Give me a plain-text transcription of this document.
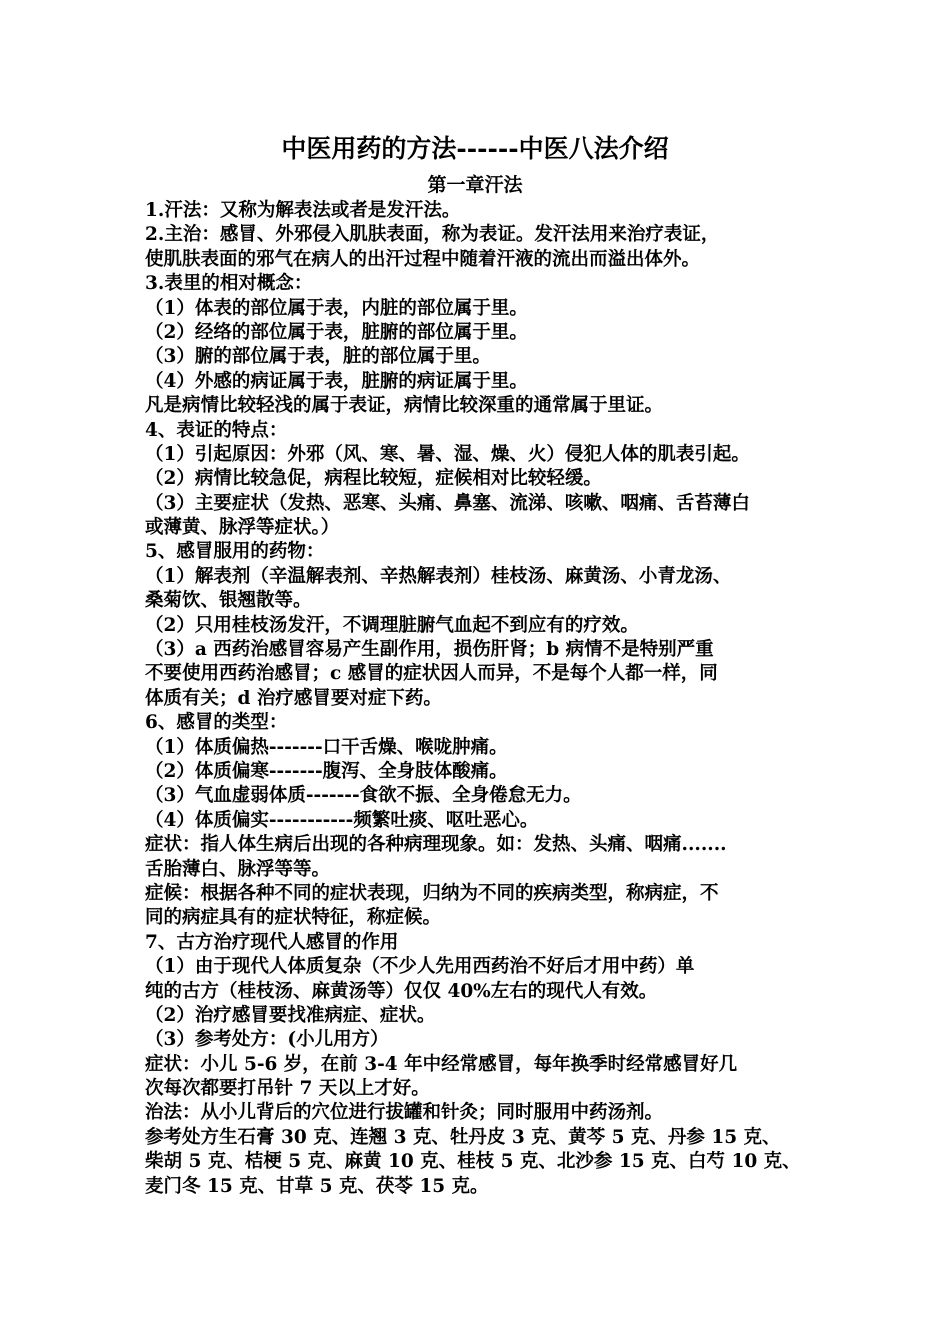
中医用药的方法------中医八法介绍
第一章汗法
1.汗法：又称为解表法或者是发汗法。
2.主治：感冒、外邪侵入肌肤表面，称为表证。发汗法用来治疗表证，
使肌肤表面的邪气在病人的出汗过程中随着汗液的流出而溢出体外。
3.表里的相对概念：
（1）体表的部位属于表，内脏的部位属于里。
（2）经络的部位属于表，脏腑的部位属于里。
（3）腑的部位属于表，脏的部位属于里。
（4）外感的病证属于表，脏腑的病证属于里。
凡是病情比较轻浅的属于表证，病情比较深重的通常属于里证。
4、表证的特点：
（1）引起原因：外邪（风、寒、暑、湿、燥、火）侵犯人体的肌表引起。
（2）病情比较急促，病程比较短，症候相对比较轻缓。
（3）主要症状（发热、恶寒、头痛、鼻塞、流涕、咳嗽、咽痛、舌苔薄白
或薄黄、脉浮等症状。）
5、感冒服用的药物：
（1）解表剂（辛温解表剂、辛热解表剂）桂枝汤、麻黄汤、小青龙汤、
桑菊饮、银翘散等。
（2）只用桂枝汤发汗，不调理脏腑气血起不到应有的疗效。
（3）a 西药治感冒容易产生副作用，损伤肝肾；b 病情不是特别严重
不要使用西药治感冒；c 感冒的症状因人而异，不是每个人都一样，同
体质有关；d 治疗感冒要对症下药。
6、感冒的类型：
（1）体质偏热-------口干舌燥、喉咙肿痛。
（2）体质偏寒-------腹泻、全身肢体酸痛。
（3）气血虚弱体质-------食欲不振、全身倦怠无力。
（4）体质偏实-----------频繁吐痰、呕吐恶心。
症状：指人体生病后出现的各种病理现象。如：发热、头痛、咽痛.......
舌胎薄白、脉浮等等。
症候：根据各种不同的症状表现，归纳为不同的疾病类型，称病症，不
同的病症具有的症状特征，称症候。
7、古方治疗现代人感冒的作用
（1）由于现代人体质复杂（不少人先用西药治不好后才用中药）单
纯的古方（桂枝汤、麻黄汤等）仅仅 40%左右的现代人有效。
（2）治疗感冒要找准病症、症状。
（3）参考处方：(小儿用方）
症状：小儿 5-6 岁，在前 3-4 年中经常感冒，每年换季时经常感冒好几
次每次都要打吊针 7 天以上才好。
治法：从小儿背后的穴位进行拔罐和针灸；同时服用中药汤剂。
参考处方生石膏 30 克、连翘 3 克、牡丹皮 3 克、黄芩 5 克、丹参 15 克、
柴胡 5 克、桔梗 5 克、麻黄 10 克、桂枝 5 克、北沙参 15 克、白芍 10 克、
麦门冬 15 克、甘草 5 克、茯苓 15 克。
